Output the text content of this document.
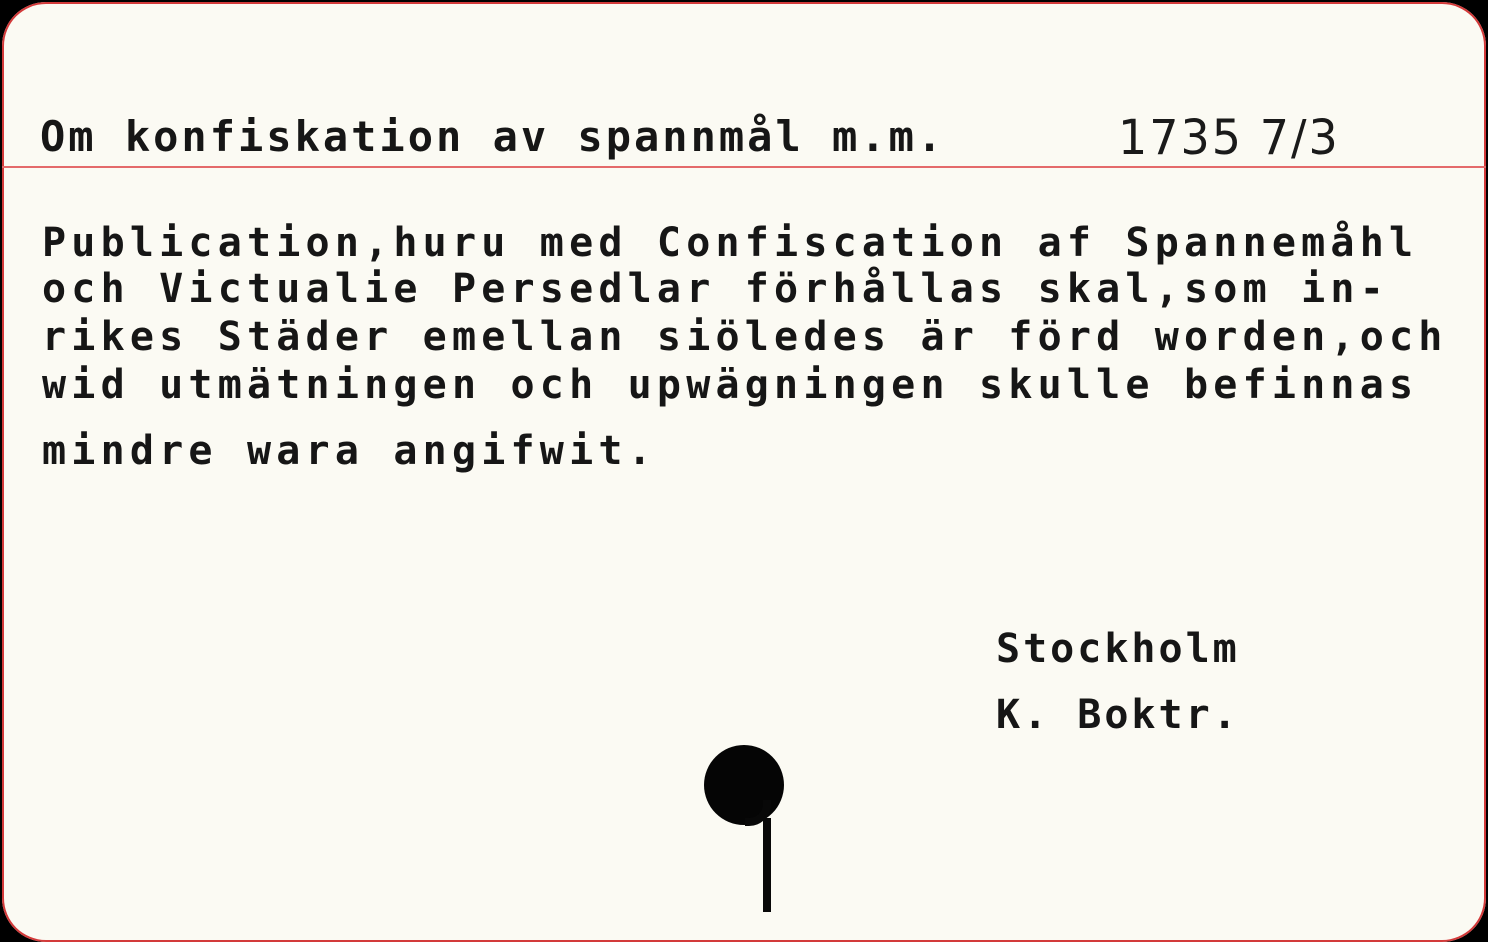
Om konfiskation av spannmål m.m.	1735 7/3

Publication,huru med Confiscation af Spannemåhl

och Victualie Persedlar förhållas skal,som in-

rikes Städer emellan siöledes är förd worden,och

wid utmätningen och upwägningen skulle befinnas

mindre wara angifwit.

Stockholm

K. Boktr.
